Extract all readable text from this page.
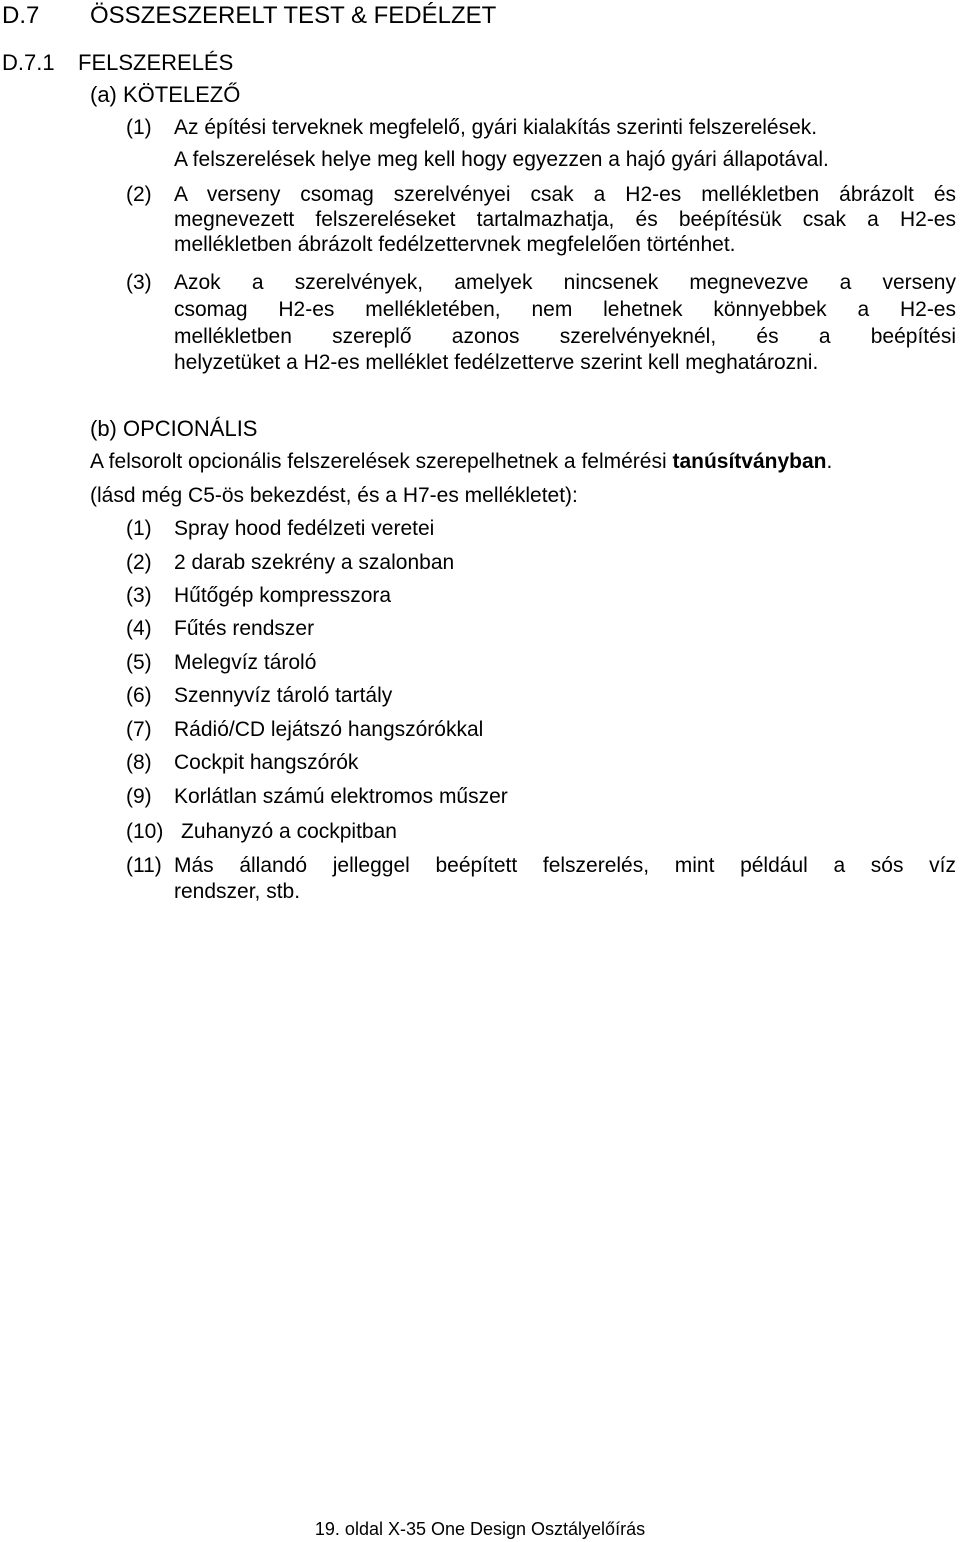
D.7 ÖSSZESZERELT TEST & FEDÉLZET
D.7.1 FELSZERELÉS
(a) KÖTELEZŐ
(1) Az építési terveknek megfelelő, gyári kialakítás szerinti felszerelések.
A felszerelések helye meg kell hogy egyezzen a hajó gyári állapotával.
(2) A verseny csomag szerelvényei csak a H2-es mellékletben ábrázolt és
megnevezett felszereléseket tartalmazhatja, és beépítésük csak a H2-es
mellékletben ábrázolt fedélzettervnek megfelelően történhet.
(3) Azok a szerelvények, amelyek nincsenek megnevezve a verseny
csomag H2-es mellékletében, nem lehetnek könnyebbek a H2-es
mellékletben szereplő azonos szerelvényeknél, és a beépítési
helyzetüket a H2-es melléklet fedélzetterve szerint kell meghatározni.
(b) OPCIONÁLIS
A felsorolt opcionális felszerelések szerepelhetnek a felmérési tanúsítványban.
(lásd még C5-ös bekezdést, és a H7-es mellékletet):
(1) Spray hood fedélzeti veretei
(2) 2 darab szekrény a szalonban
(3) Hűtőgép kompresszora
(4) Fűtés rendszer
(5) Melegvíz tároló
(6) Szennyvíz tároló tartály
(7) Rádió/CD lejátszó hangszórókkal
(8) Cockpit hangszórók
(9) Korlátlan számú elektromos műszer
(10) Zuhanyzó a cockpitban
(11) Más állandó jelleggel beépített felszerelés, mint például a sós víz
rendszer, stb.
19. oldal X-35 One Design Osztályelőírás
